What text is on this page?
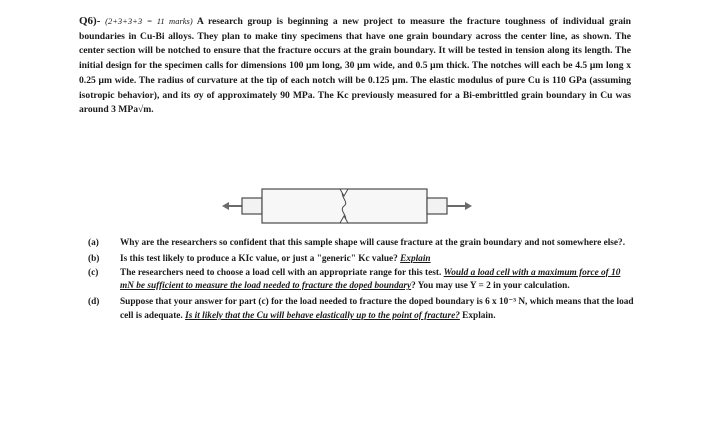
Q6)- (2+3+3+3 = 11 marks) A research group is beginning a new project to measure the fracture toughness of individual grain boundaries in Cu-Bi alloys. They plan to make tiny specimens that have one grain boundary across the center line, as shown. The center section will be notched to ensure that the fracture occurs at the grain boundary. It will be tested in tension along its length. The initial design for the specimen calls for dimensions 100 μm long, 30 μm wide, and 0.5 μm thick. The notches will each be 4.5 μm long x 0.25 μm wide. The radius of curvature at the tip of each notch will be 0.125 μm. The elastic modulus of pure Cu is 110 GPa (assuming isotropic behavior), and its σy of approximately 90 MPa. The Kc previously measured for a Bi-embrittled grain boundary in Cu was around 3 MPa√m.
(a)	Why are the researchers so confident that this sample shape will cause fracture at the grain boundary and not somewhere else?.
(b)	Is this test likely to produce a KIc value, or just a "generic" Kc value? Explain
(c)	The researchers need to choose a load cell with an appropriate range for this test. Would a load cell with a maximum force of 10 mN be sufficient to measure the load needed to fracture the doped boundary? You may use Y = 2 in your calculation.
(d)	Suppose that your answer for part (c) for the load needed to fracture the doped boundary is 6 x 10⁻³ N, which means that the load cell is adequate. Is it likely that the Cu will behave elastically up to the point of fracture? Explain.
